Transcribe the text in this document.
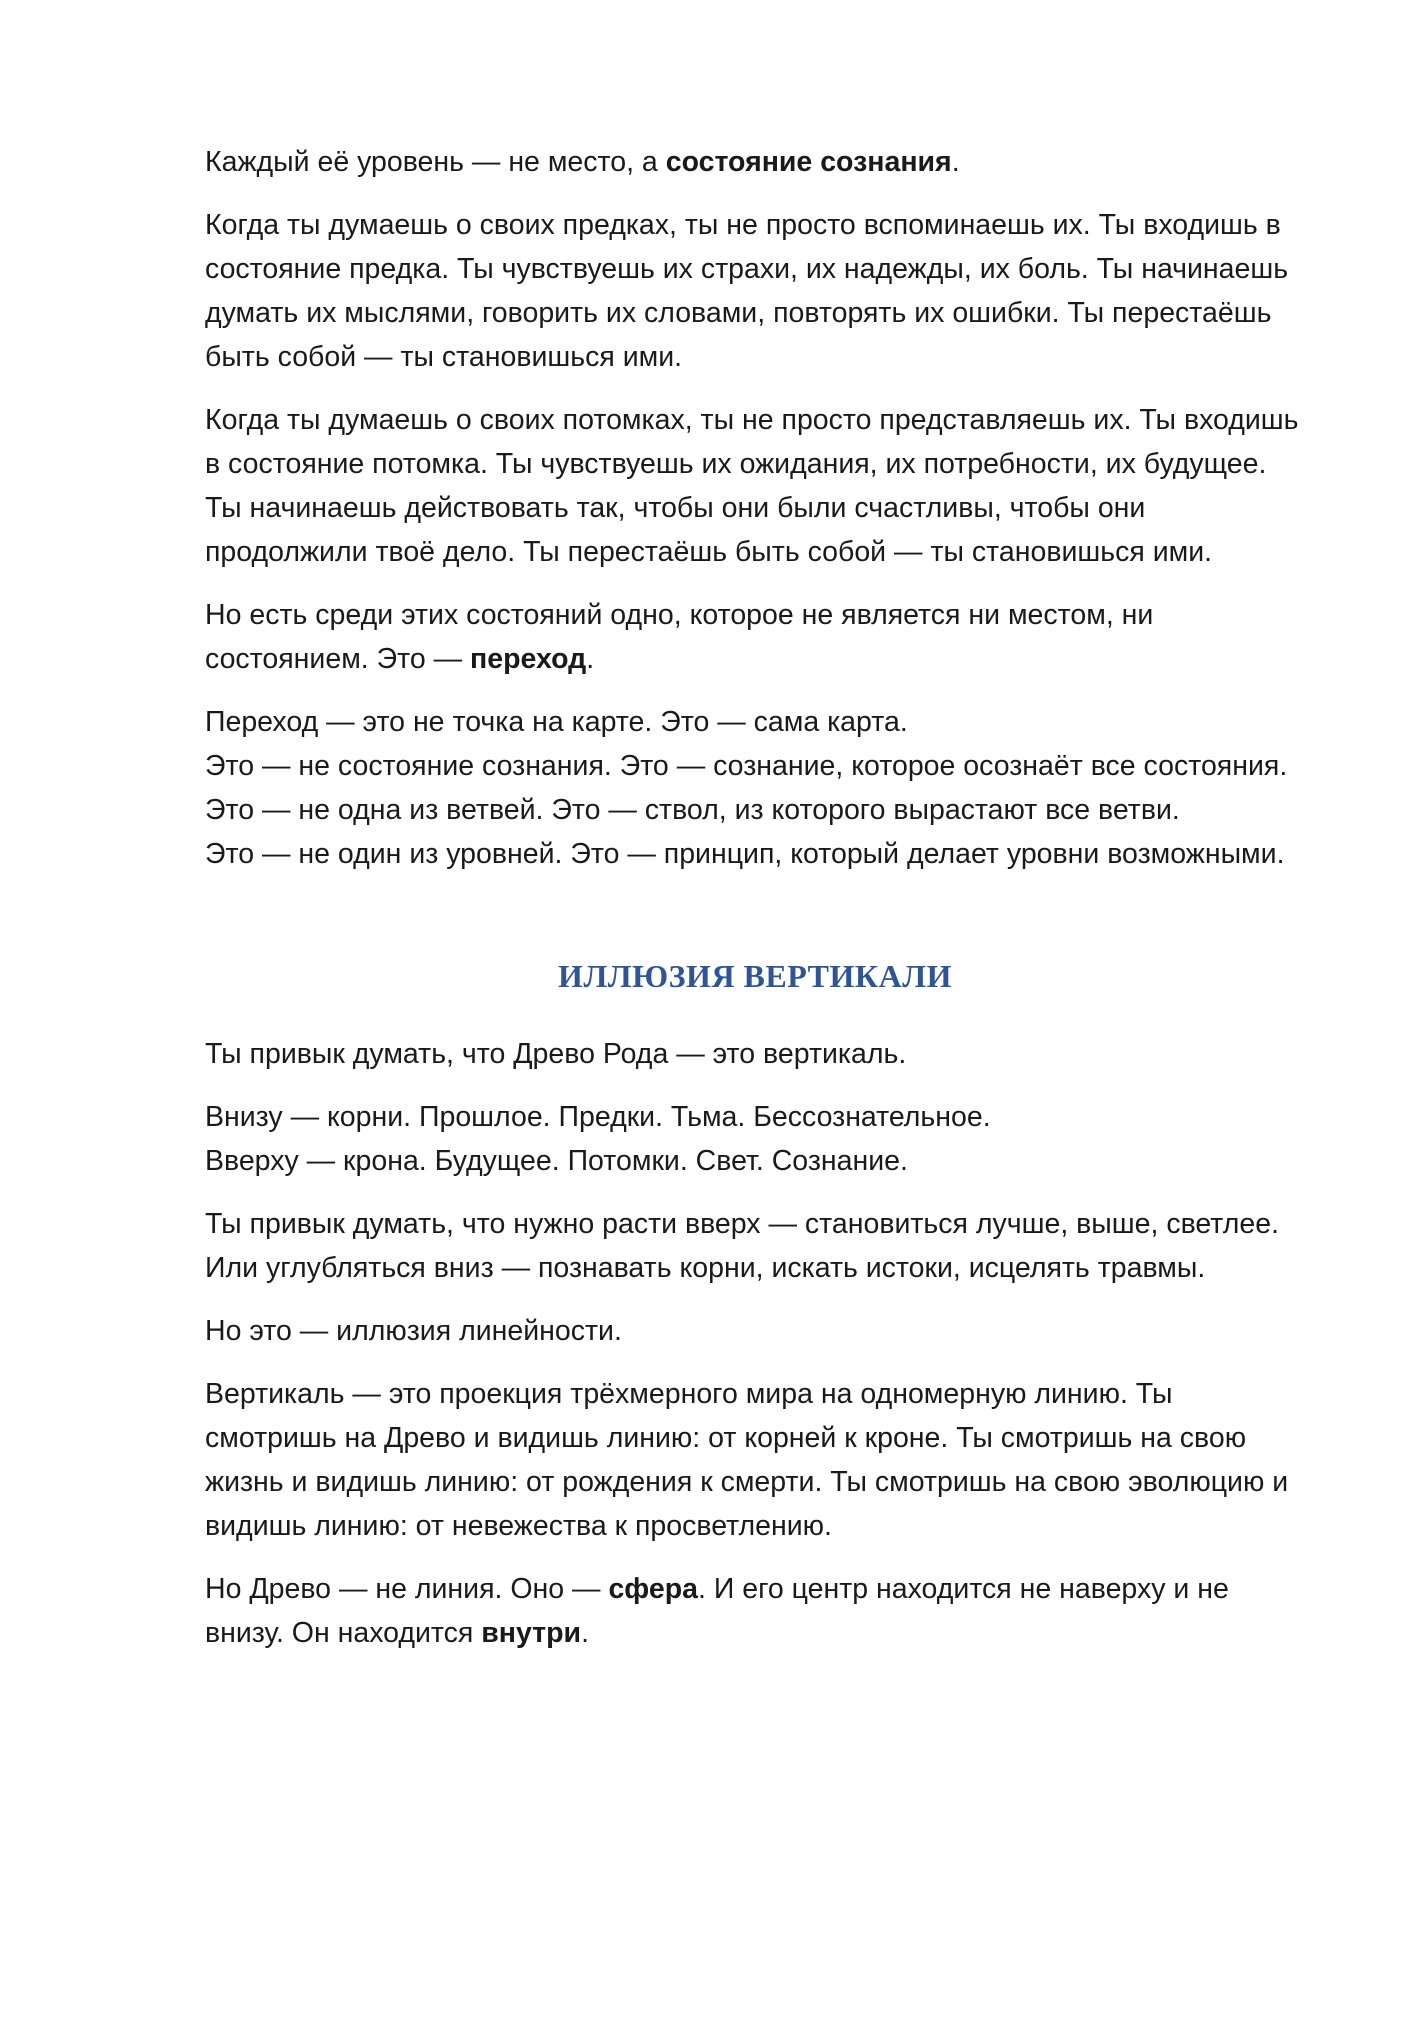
Каждый её уровень — не место, а состояние сознания.

Когда ты думаешь о своих предках, ты не просто вспоминаешь их. Ты входишь в состояние предка. Ты чувствуешь их страхи, их надежды, их боль. Ты начинаешь думать их мыслями, говорить их словами, повторять их ошибки. Ты перестаёшь быть собой — ты становишься ими.

Когда ты думаешь о своих потомках, ты не просто представляешь их. Ты входишь в состояние потомка. Ты чувствуешь их ожидания, их потребности, их будущее. Ты начинаешь действовать так, чтобы они были счастливы, чтобы они продолжили твоё дело. Ты перестаёшь быть собой — ты становишься ими.

Но есть среди этих состояний одно, которое не является ни местом, ни состоянием. Это — переход.

Переход — это не точка на карте. Это — сама карта.
Это — не состояние сознания. Это — сознание, которое осознаёт все состояния.
Это — не одна из ветвей. Это — ствол, из которого вырастают все ветви.
Это — не один из уровней. Это — принцип, который делает уровни возможными.

ИЛЛЮЗИЯ ВЕРТИКАЛИ

Ты привык думать, что Древо Рода — это вертикаль.

Внизу — корни. Прошлое. Предки. Тьма. Бессознательное.
Вверху — крона. Будущее. Потомки. Свет. Сознание.

Ты привык думать, что нужно расти вверх — становиться лучше, выше, светлее. Или углубляться вниз — познавать корни, искать истоки, исцелять травмы.

Но это — иллюзия линейности.

Вертикаль — это проекция трёхмерного мира на одномерную линию. Ты смотришь на Древо и видишь линию: от корней к кроне. Ты смотришь на свою жизнь и видишь линию: от рождения к смерти. Ты смотришь на свою эволюцию и видишь линию: от невежества к просветлению.

Но Древо — не линия. Оно — сфера. И его центр находится не наверху и не внизу. Он находится внутри.
